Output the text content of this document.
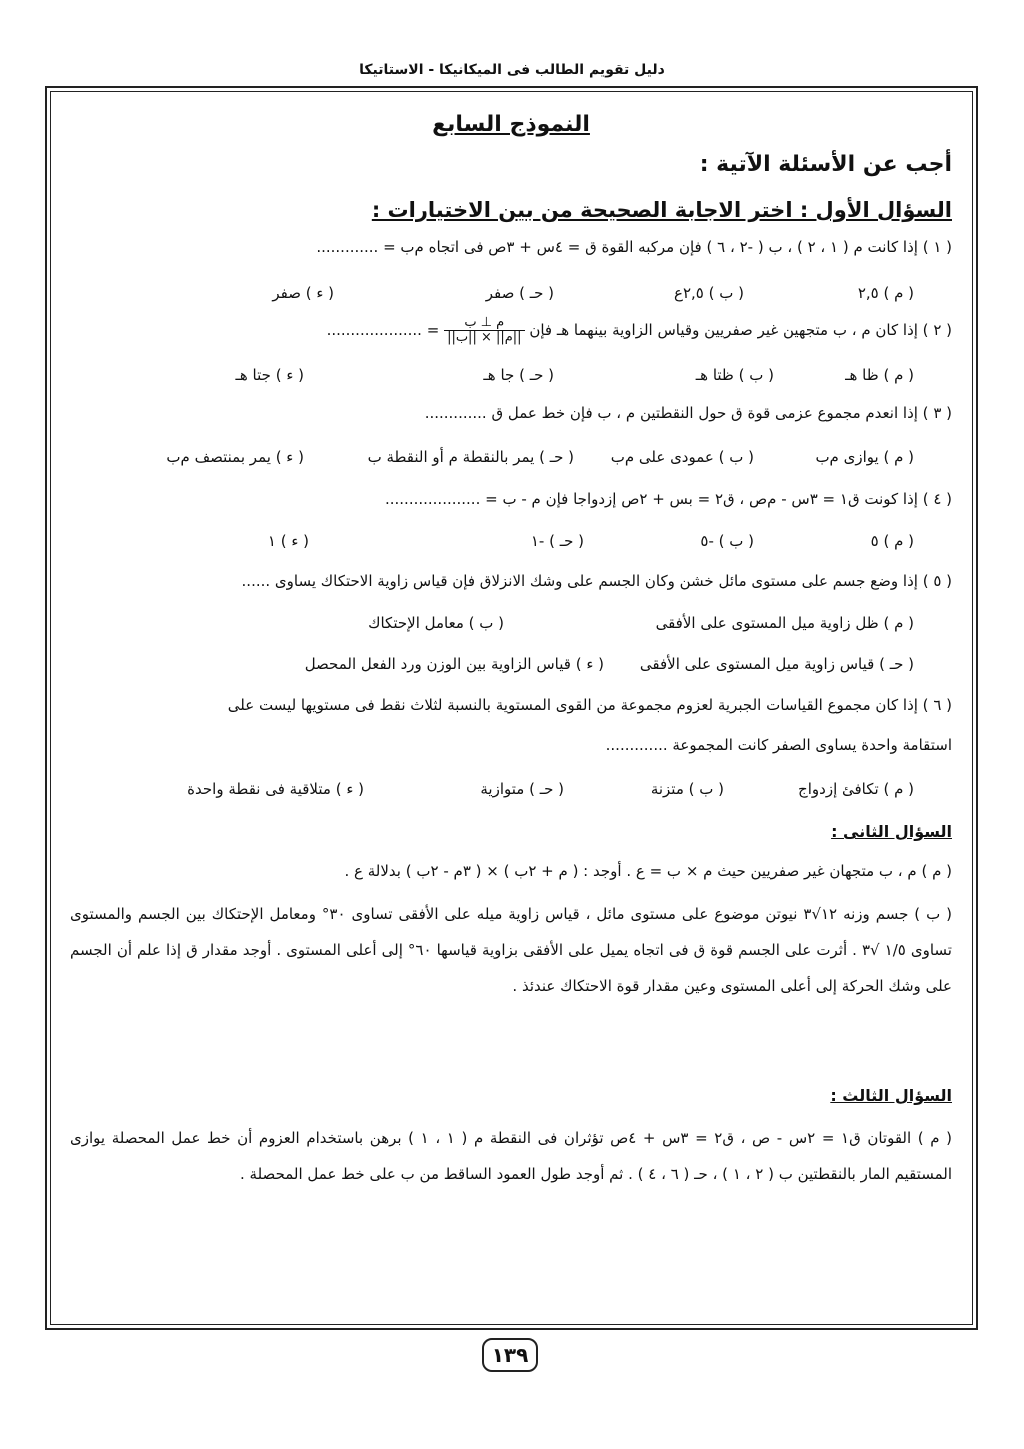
دليل تقويم الطالب فى الميكانيكا - الاستاتيكا
النموذج السابع
أجب عن الأسئلة الآتية :
السؤال الأول : اختر الاجابة الصحيحة من بين الاختيارات :
( ١ ) إذا كانت ﻡ ( ١ ، ٢ ) ، ب ( -٢ ، ٦ ) فإن مركبه القوة ق = ٤س + ٣ص فى اتجاه ﻡب = .............
( ﻡ ) ٢,٥
( ب ) ٢,٥ع
( حـ ) صفر
( ء ) صفر
( ٢ ) إذا كان ﻡ ، ب متجهين غير صفريين وقياس الزاوية بينهما هـ فإن
$\frac{\text{ﻡ ⊥ ب}}{\text{||ﻡ|| × ||ب||}}$
= ....................
( ﻡ ) ظا هـ
( ب ) ظتا هـ
( حـ ) جا هـ
( ء ) جتا هـ
( ٣ ) إذا انعدم مجموع عزمى قوة ق حول النقطتين ﻡ ، ب فإن خط عمل ق .............
( ﻡ ) يوازى ﻡب
( ب ) عمودى على ﻡب
( حـ ) يمر بالنقطة ﻡ أو النقطة ب
( ء ) يمر بمنتصف ﻡب
( ٤ ) إذا كونت ق١ = ٣س - ﻡص ، ق٢ = بس + ٢ص إزدواجا فإن ﻡ - ب = ....................
( ﻡ ) ٥
( ب ) -٥
( حـ ) -١
( ء ) ١
( ٥ ) إذا وضع جسم على مستوى مائل خشن وكان الجسم على وشك الانزلاق فإن قياس زاوية الاحتكاك يساوى ......
( ﻡ ) ظل زاوية ميل المستوى على الأفقى
( ب ) معامل الإحتكاك
( حـ ) قياس زاوية ميل المستوى على الأفقى
( ء ) قياس الزاوية بين الوزن ورد الفعل المحصل
( ٦ ) إذا كان مجموع القياسات الجبرية لعزوم مجموعة من القوى المستوية بالنسبة لثلاث نقط فى مستويها ليست على
استقامة واحدة يساوى الصفر كانت المجموعة .............
( ﻡ ) تكافئ إزدواج
( ب ) متزنة
( حـ ) متوازية
( ء ) متلاقية فى نقطة واحدة
السؤال الثانى :
( ﻡ ) ﻡ ، ب متجهان غير صفريين حيث ﻡ × ب = ع . أوجد : ( ﻡ + ٢ب ) × ( ٣ﻡ - ٢ب ) بدلالة ع .
( ب ) جسم وزنه ١٢√٣ نيوتن موضوع على مستوى مائل ، قياس زاوية ميله على الأفقى تساوى ٣٠° ومعامل الإحتكاك بين الجسم والمستوى تساوى ١/٥ √٣ . أثرت على الجسم قوة ق فى اتجاه يميل على الأفقى بزاوية قياسها ٦٠° إلى أعلى المستوى . أوجد مقدار ق إذا علم أن الجسم على وشك الحركة إلى أعلى المستوى وعين مقدار قوة الاحتكاك عندئذ .
السؤال الثالث :
( ﻡ ) القوتان ق١ = ٢س - ص ، ق٢ = ٣س + ٤ص تؤثران فى النقطة ﻡ ( ١ ، ١ ) برهن باستخدام العزوم أن خط عمل المحصلة يوازى المستقيم المار بالنقطتين ب ( ٢ ، ١ ) ، حـ ( ٦ ، ٤ ) . ثم أوجد طول العمود الساقط من ب على خط عمل المحصلة .
١٣٩
